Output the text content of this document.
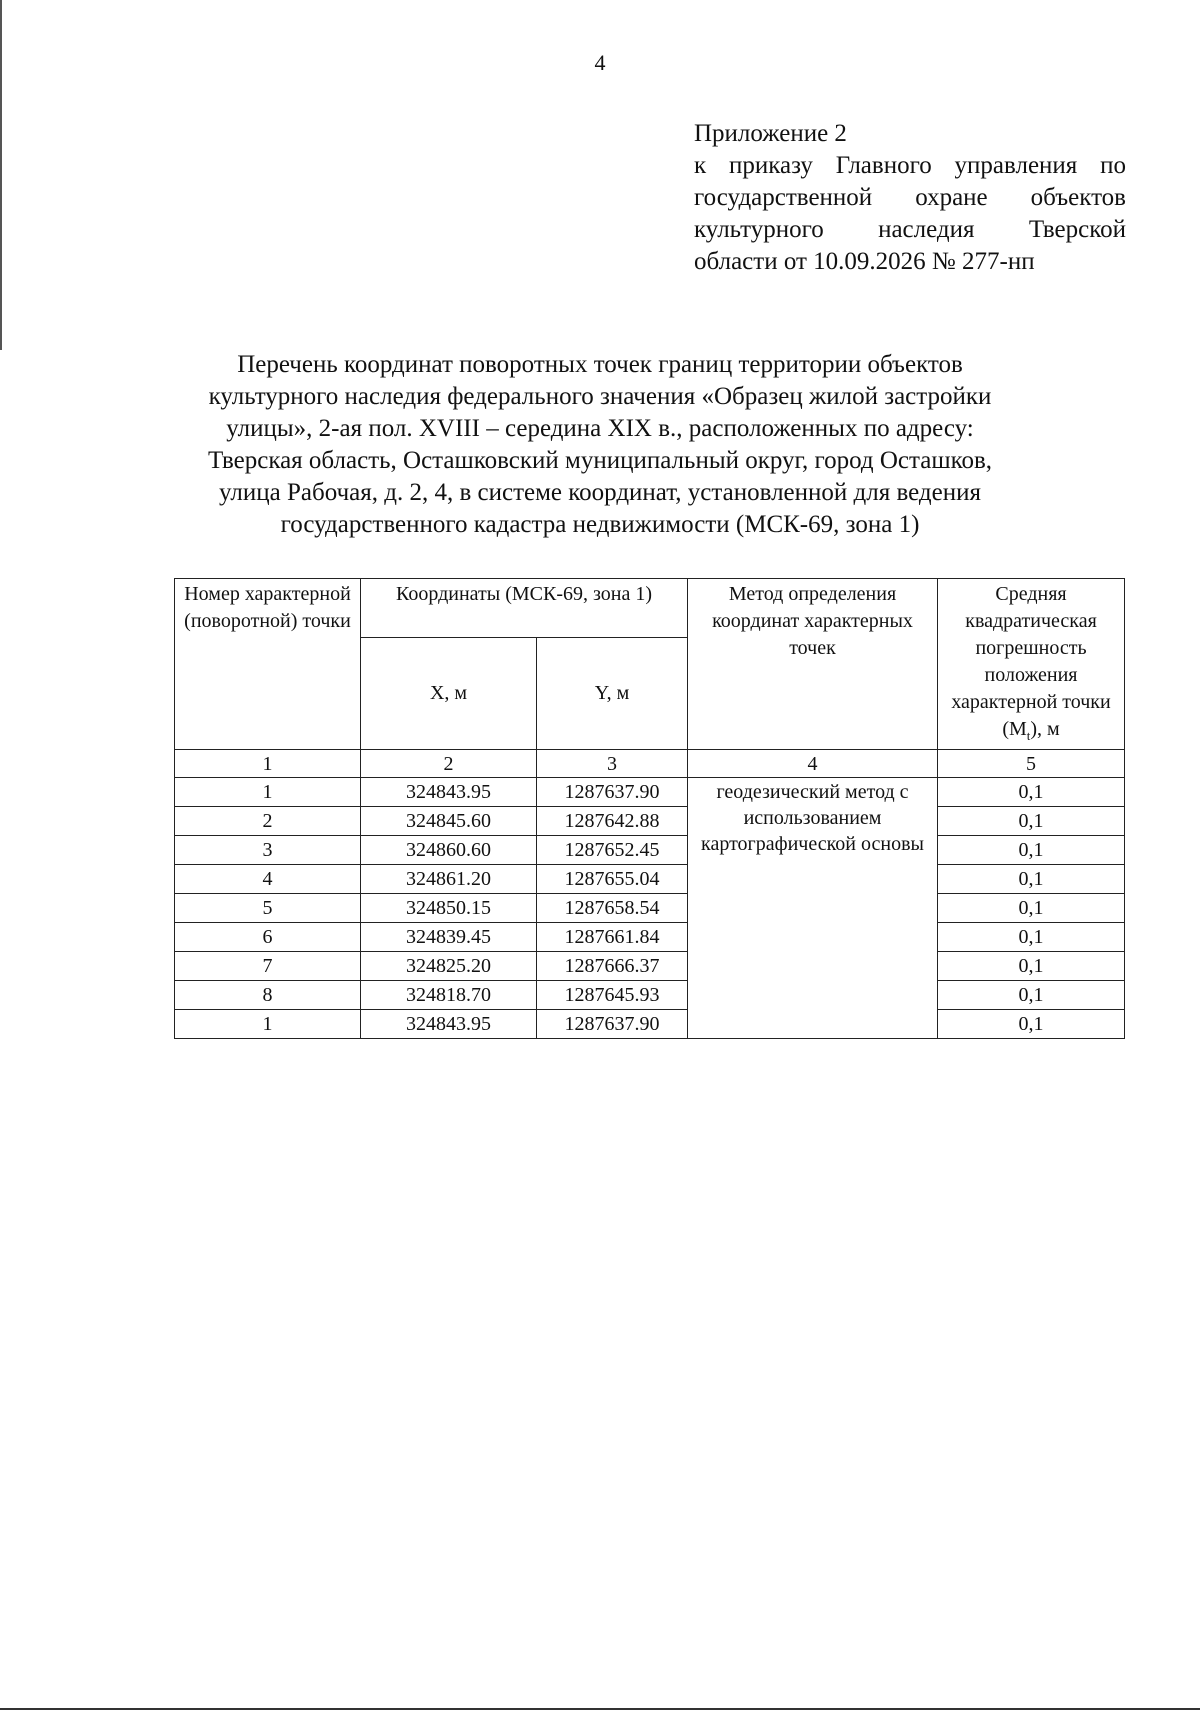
4
Приложение 2
к приказу Главного управления по
государственной охране объектов
культурного наследия Тверской
области от 10.09.2026 № 277-нп
Перечень координат поворотных точек границ территории объектов
культурного наследия федерального значения «Образец жилой застройки
улицы», 2-ая пол. XVIII – середина XIX в., расположенных по адресу:
Тверская область, Осташковский муниципальный округ, город Осташков,
улица Рабочая, д. 2, 4, в системе координат, установленной для ведения
государственного кадастра недвижимости (МСК-69, зона 1)
Номер характерной (поворотной) точки	Координаты (МСК-69, зона 1)		Метод определения координат характерных точек	Средняя квадратическая погрешность положения характерной точки $(M_t)$, м
	X, м	Y, м		
1	2	3	4	5
1	324843.95	1287637.90	геодезический метод с использованием картографической основы	0,1
2	324845.60	1287642.88		0,1
3	324860.60	1287652.45		0,1
4	324861.20	1287655.04		0,1
5	324850.15	1287658.54		0,1
6	324839.45	1287661.84		0,1
7	324825.20	1287666.37		0,1
8	324818.70	1287645.93		0,1
1	324843.95	1287637.90		0,1
